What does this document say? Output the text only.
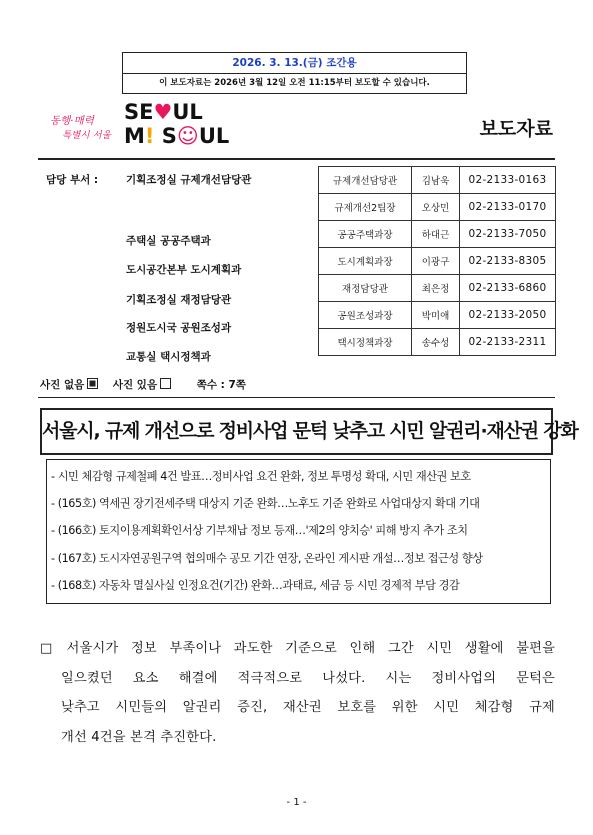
2026. 3. 13.(금) 조간용
이 보도자료는 2026년 3월 12일 오전 11:15부터 보도할 수 있습니다.
동행·매력
특별시 서울
SE♥UL
M! S☺UL	보도자료
담당 부서 :	기획조정실 규제개선담당관
주택실 공공주택과
도시공간본부 도시계획과
기획조정실 재정담당관
정원도시국 공원조성과
교통실 택시정책과
규제개선담당관	김남욱	02-2133-0163
규제개선2팀장	오상민	02-2133-0170
공공주택과장	하대근	02-2133-7050
도시계획과장	이광구	02-2133-8305
재정담당관	최은정	02-2133-6860
공원조성과장	박미애	02-2133-2050
택시정책과장	송수성	02-2133-2311
사진 없음	사진 있음	쪽수 : 7쪽
서울시, 규제 개선으로 정비사업 문턱 낮추고 시민 알권리·재산권 강화
- 시민 체감형 규제철폐 4건 발표…정비사업 요건 완화, 정보 투명성 확대, 시민 재산권 보호
- (165호) 역세권 장기전세주택 대상지 기준 완화…노후도 기준 완화로 사업대상지 확대 기대
- (166호) 토지이용계획확인서상 기부채납 정보 등재…'제2의 양치승' 피해 방지 추가 조치
- (167호) 도시자연공원구역 협의매수 공모 기간 연장, 온라인 게시판 개설…정보 접근성 향상
- (168호) 자동차 멸실사실 인정요건(기간) 완화…과태료, 세금 등 시민 경제적 부담 경감
□ 서울시가 정보 부족이나 과도한 기준으로 인해 그간 시민 생활에 불편을
일으켰던 요소 해결에 적극적으로 나섰다. 시는 정비사업의 문턱은
낮추고 시민들의 알권리 증진, 재산권 보호를 위한 시민 체감형 규제
개선 4건을 본격 추진한다.
- 1 -
